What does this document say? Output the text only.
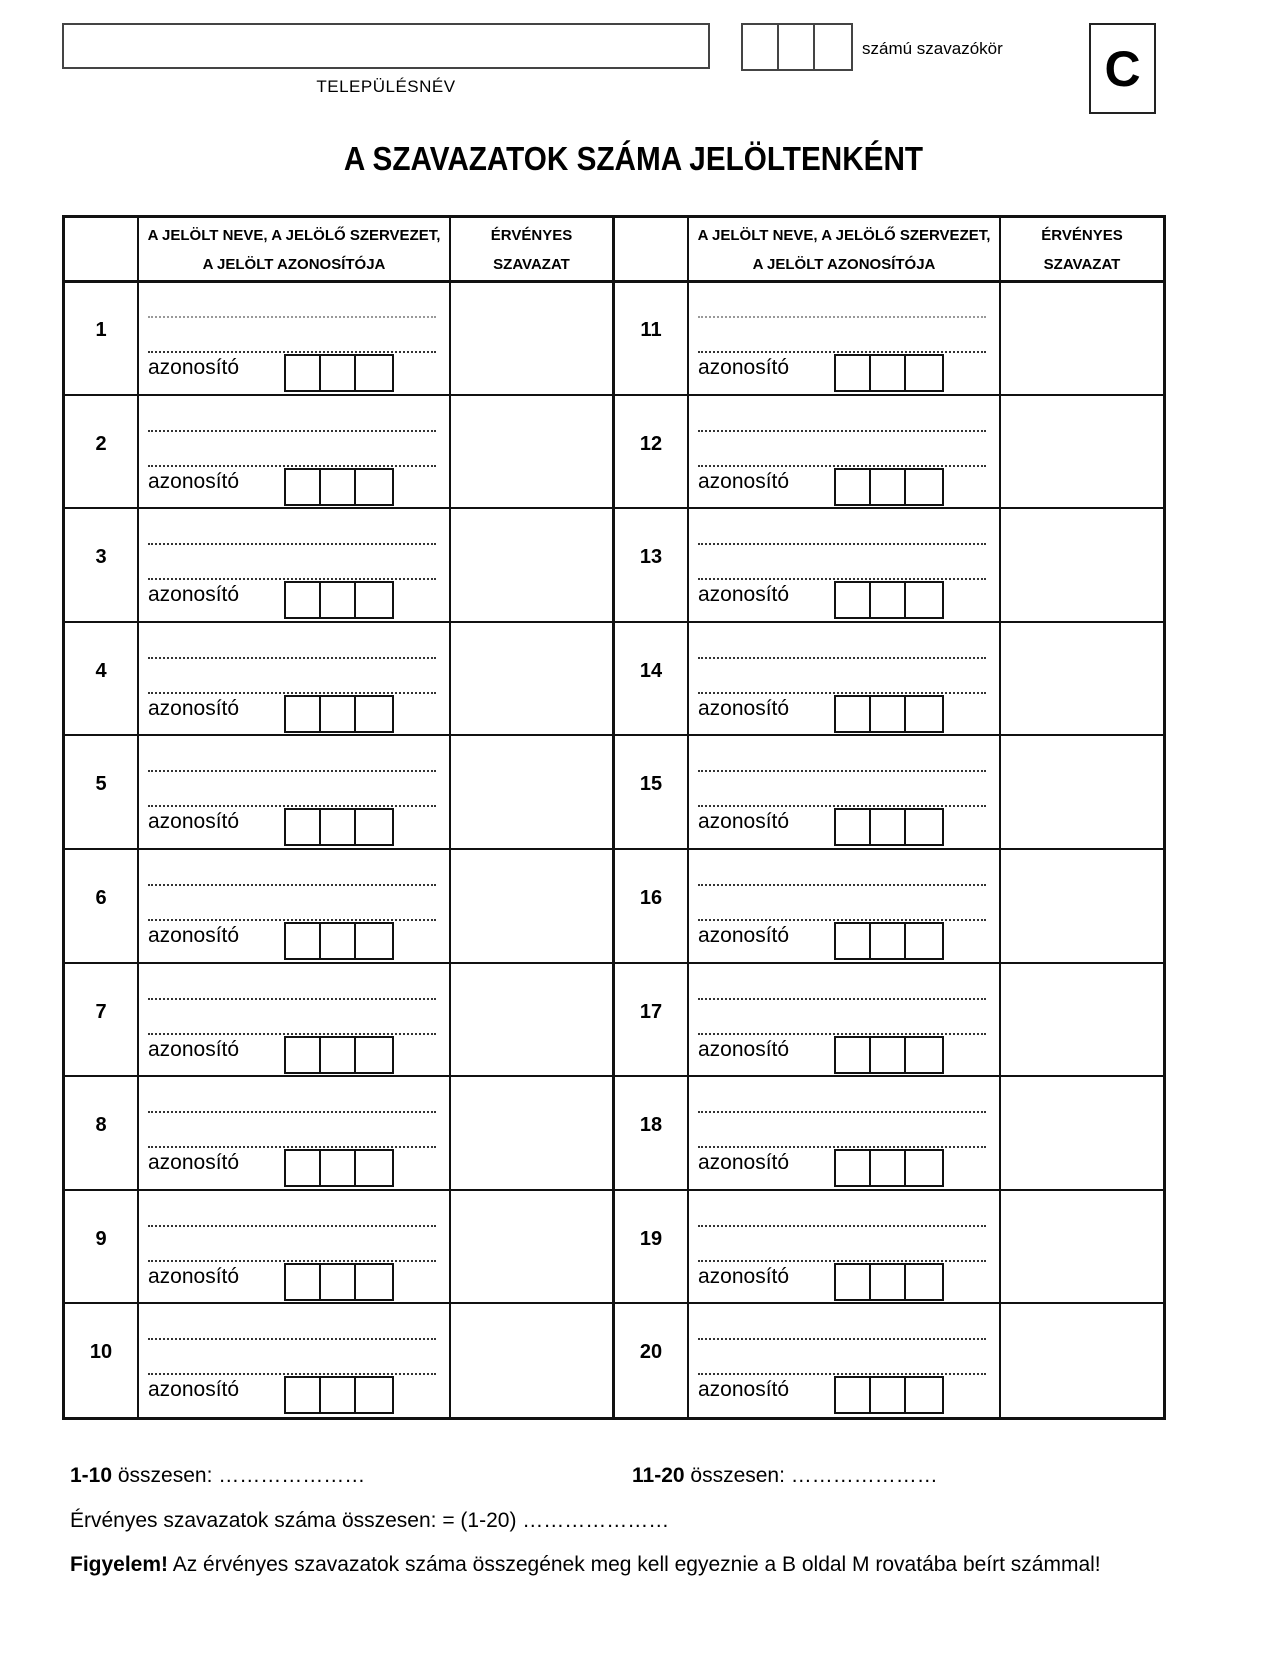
TELEPÜLÉSNÉV
számú szavazókör	C
A SZAVAZATOK SZÁMA JELÖLTENKÉNT
A JELÖLT NEVE, A JELÖLŐ SZERVEZET,
A JELÖLT AZONOSÍTÓJA
ÉRVÉNYES
SZAVAZAT
A JELÖLT NEVE, A JELÖLŐ SZERVEZET,
A JELÖLT AZONOSÍTÓJA
ÉRVÉNYES
SZAVAZAT
1
azonosító
2
azonosító
3
azonosító
4
azonosító
5
azonosító
6
azonosító
7
azonosító
8
azonosító
9
azonosító
10
azonosító
11
azonosító
12
azonosító
13
azonosító
14
azonosító
15
azonosító
16
azonosító
17
azonosító
18
azonosító
19
azonosító
20
azonosító
1-10 összesen: …………………	11-20 összesen: …………………
Érvényes szavazatok száma összesen: = (1-20) …………………
Figyelem! Az érvényes szavazatok száma összegének meg kell egyeznie a B oldal M rovatába beírt számmal!
